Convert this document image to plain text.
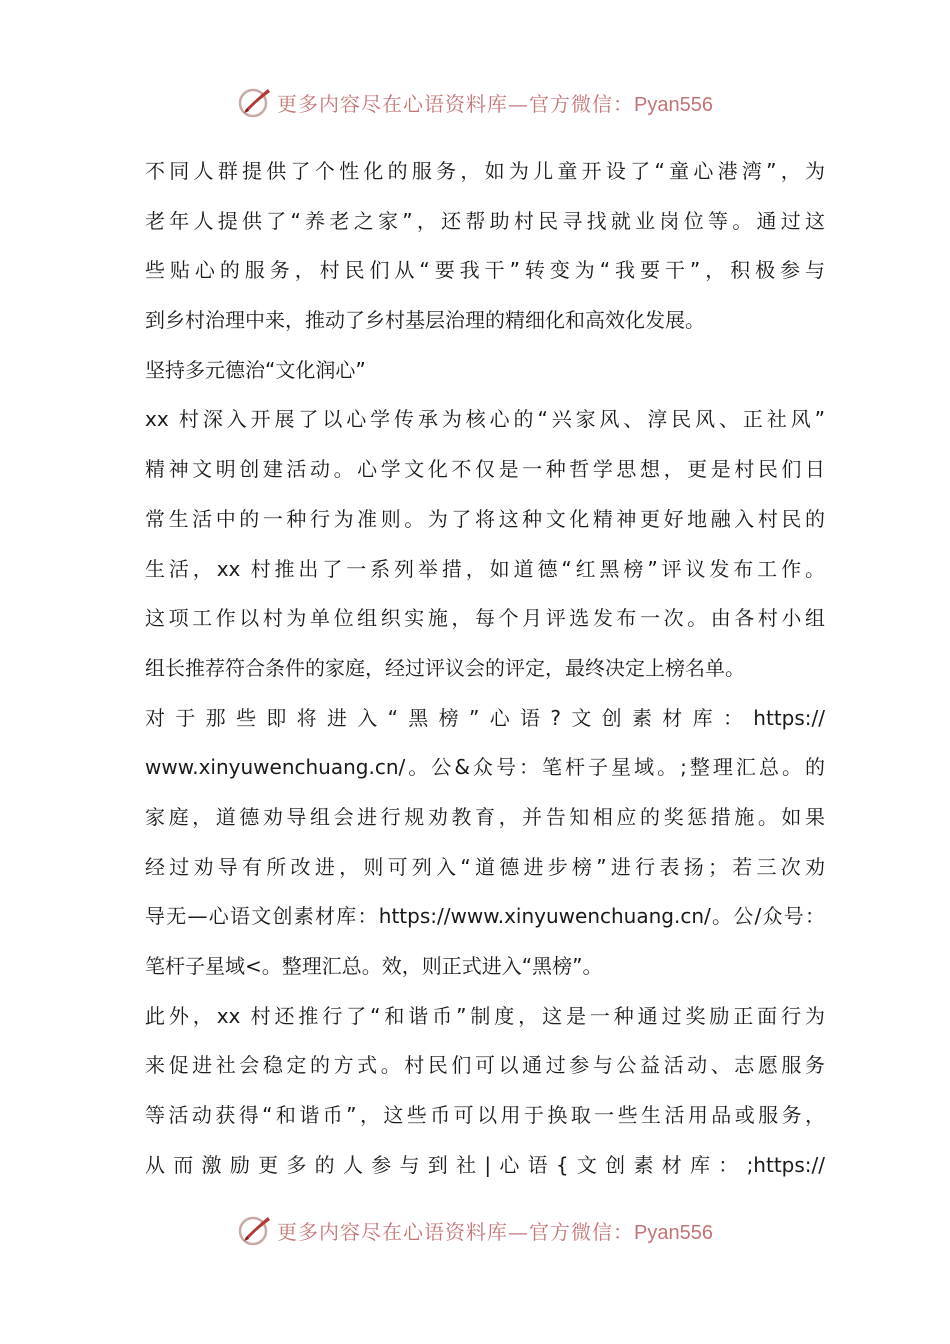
更多内容尽在心语资料库—官方微信：Pyan556
不同人群提供了个性化的服务，如为儿童开设了“童心港湾”，为
老年人提供了“养老之家”，还帮助村民寻找就业岗位等。通过这
些贴心的服务，村民们从“要我干”转变为“我要干”，积极参与
到乡村治理中来，推动了乡村基层治理的精细化和高效化发展。
坚持多元德治“文化润心”
xx 村深入开展了以心学传承为核心的“兴家风、淳民风、正社风”
精神文明创建活动。心学文化不仅是一种哲学思想，更是村民们日
常生活中的一种行为准则。为了将这种文化精神更好地融入村民的
生活，xx 村推出了一系列举措，如道德“红黑榜”评议发布工作。
这项工作以村为单位组织实施，每个月评选发布一次。由各村小组
组长推荐符合条件的家庭，经过评议会的评定，最终决定上榜名单。
对于那些即将进入“黑榜”心语?文创素材库：https://
www.xinyuwenchuang.cn/。公&众号：笔杆子星域。;整理汇总。的
家庭，道德劝导组会进行规劝教育，并告知相应的奖惩措施。如果
经过劝导有所改进，则可列入“道德进步榜”进行表扬；若三次劝
导无—心语文创素材库：https://www.xinyuwenchuang.cn/。公/众号：
笔杆子星域<。整理汇总。效，则正式进入“黑榜”。
此外，xx 村还推行了“和谐币”制度，这是一种通过奖励正面行为
来促进社会稳定的方式。村民们可以通过参与公益活动、志愿服务
等活动获得“和谐币”，这些币可以用于换取一些生活用品或服务，
从而激励更多的人参与到社|心语{文创素材库：;https://
更多内容尽在心语资料库—官方微信：Pyan556
